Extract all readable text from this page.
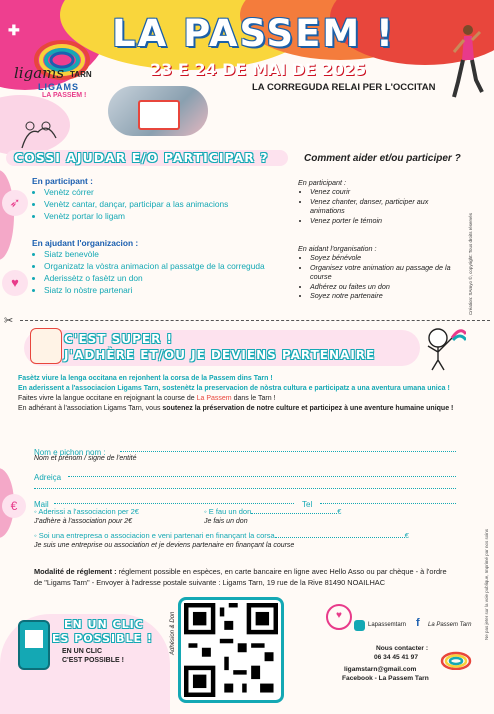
✚
ligams TARN
LIGAMS
LA PASSEM !
LA PASSEM !
23 E 24 DE MAI DE 2025
LA CORREGUDA RELAI PER L'OCCITAN
COSSI AJUDAR E/O PARTICIPAR ?	Comment aider et/ou participer ?
➶
♥
En participant :
• Venètz córrer
• Venètz cantar, dançar, participar a las animacions
• Venètz portar lo ligam
En ajudant l'organizacion :
• Siatz benevòle
• Organizatz la vòstra animacion al passatge de la correguda
• Aderissètz o fasètz un don
• Siatz lo nòstre partenari
En participant :
• Venez courir
• Venez chanter, danser, participer aux animations
• Venez porter le témoin
En aidant l'organisation :
• Soyez bénévole
• Organisez votre animation au passage de la course
• Adhérez ou faites un don
• Soyez notre partenaire	Création: SAmyo ©, copyright: Tous droits réservés
✂
C'EST SUPER !
J'ADHÈRE ET/OU JE DEVIENS PARTENAIRE
Fasètz viure la lenga occitana en rejonhent la corsa de la Passem dins Tarn !
En aderissent a l'associacion Ligams Tarn, sostenètz la preservacion de nòstra cultura e participatz a una aventura umana unica !
Faites vivre la langue occitane en rejoignant la course de La Passem dans le Tarn !
En adhérant à l'association Ligams Tarn, vous soutenez la préservation de notre culture et participez à une aventure humaine unique !
Nom e pichon nom :
Nom et prénom / signe de l'entité
Adreiça
Mail	Tel
€	◦ Aderissi a l'associacion per 2€
J'adhère à l'association pour 2€
◦ E fau un don	€
Je fais un don
◦ Soi una entrepresa o associacion e veni partenari en finançant la corsa	€
Je suis une entreprise ou association et je deviens partenaire en finançant la course	Ne pas jeter sur la voie publique, Imprimé par nos soins
Modalité de réglement : réglement possible en espèces, en carte bancaire en ligne avec Hello Asso ou par chèque - à l'ordre de "Ligams Tarn" - Envoyer à l'adresse postale suivante : Ligams Tarn, 19 rue de la Rive 81490 NOAILHAC
EN UN CLIC
ES POSSIBLE !
EN UN CLIC
C'EST POSSIBLE !
Adhésion & Don	Lapassemtarn f La Passem Tarn
♥
Nous contacter :
06 34 45 41 97
ligamstarn@gmail.com
Facebook - La Passem Tarn
